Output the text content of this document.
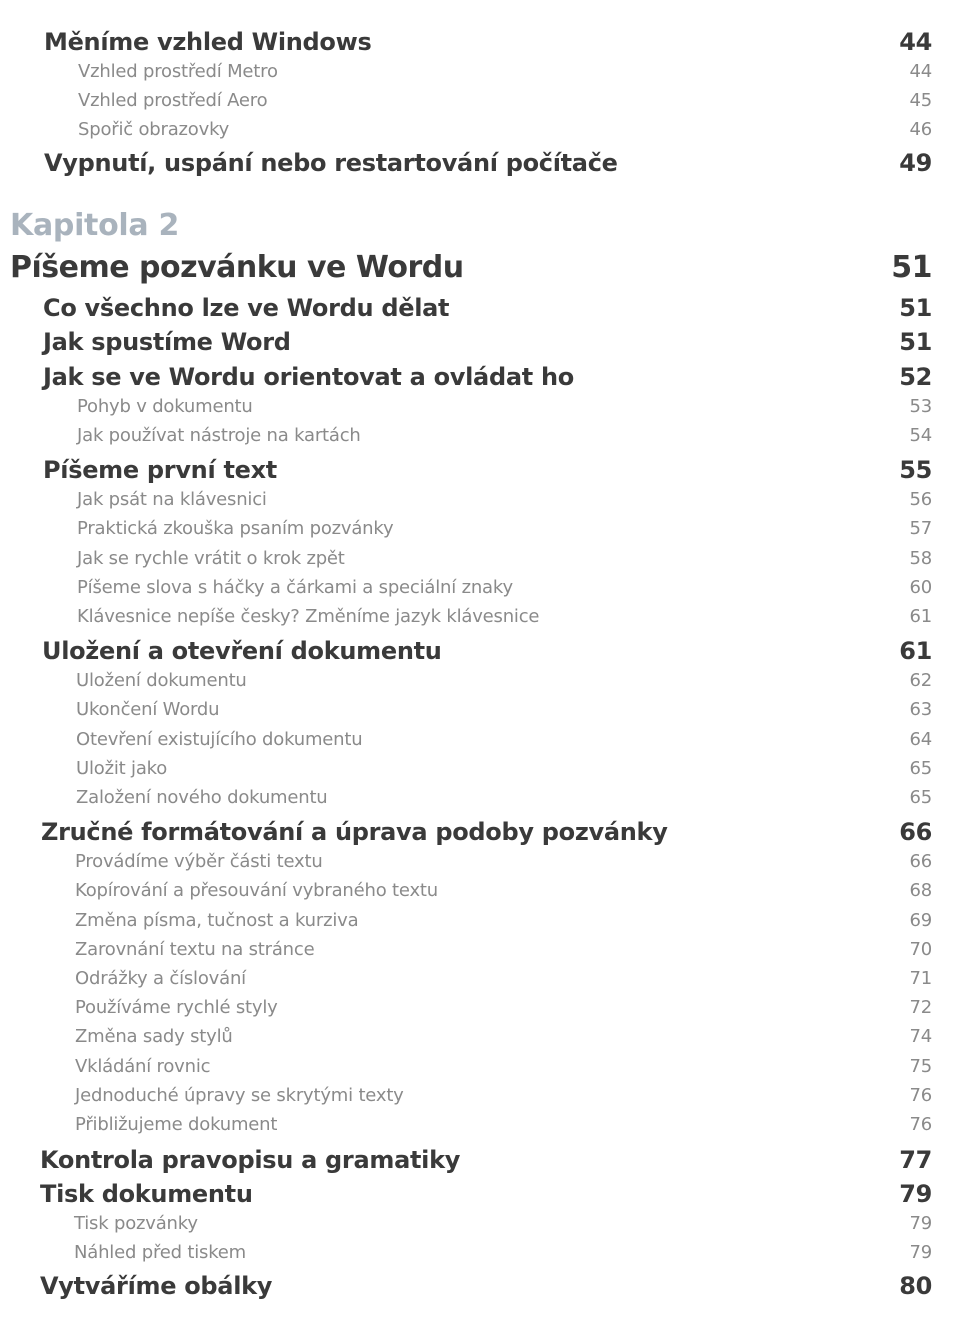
Měníme vzhled Windows	44
Vzhled prostředí Metro	44
Vzhled prostředí Aero	45
Spořič obrazovky	46
Vypnutí, uspání nebo restartování počítače	49
Kapitola 2
Píšeme pozvánku ve Wordu	51
Co všechno lze ve Wordu dělat	51
Jak spustíme Word	51
Jak se ve Wordu orientovat a ovládat ho	52
Pohyb v dokumentu	53
Jak používat nástroje na kartách	54
Píšeme první text	55
Jak psát na klávesnici	56
Praktická zkouška psaním pozvánky	57
Jak se rychle vrátit o krok zpět	58
Píšeme slova s háčky a čárkami a speciální znaky	60
Klávesnice nepíše česky? Změníme jazyk klávesnice	61
Uložení a otevření dokumentu	61
Uložení dokumentu	62
Ukončení Wordu	63
Otevření existujícího dokumentu	64
Uložit jako	65
Založení nového dokumentu	65
Zručné formátování a úprava podoby pozvánky	66
Provádíme výběr části textu	66
Kopírování a přesouvání vybraného textu	68
Změna písma, tučnost a kurziva	69
Zarovnání textu na stránce	70
Odrážky a číslování	71
Používáme rychlé styly	72
Změna sady stylů	74
Vkládání rovnic	75
Jednoduché úpravy se skrytými texty	76
Přibližujeme dokument	76
Kontrola pravopisu a gramatiky	77
Tisk dokumentu	79
Tisk pozvánky	79
Náhled před tiskem	79
Vytváříme obálky	80
